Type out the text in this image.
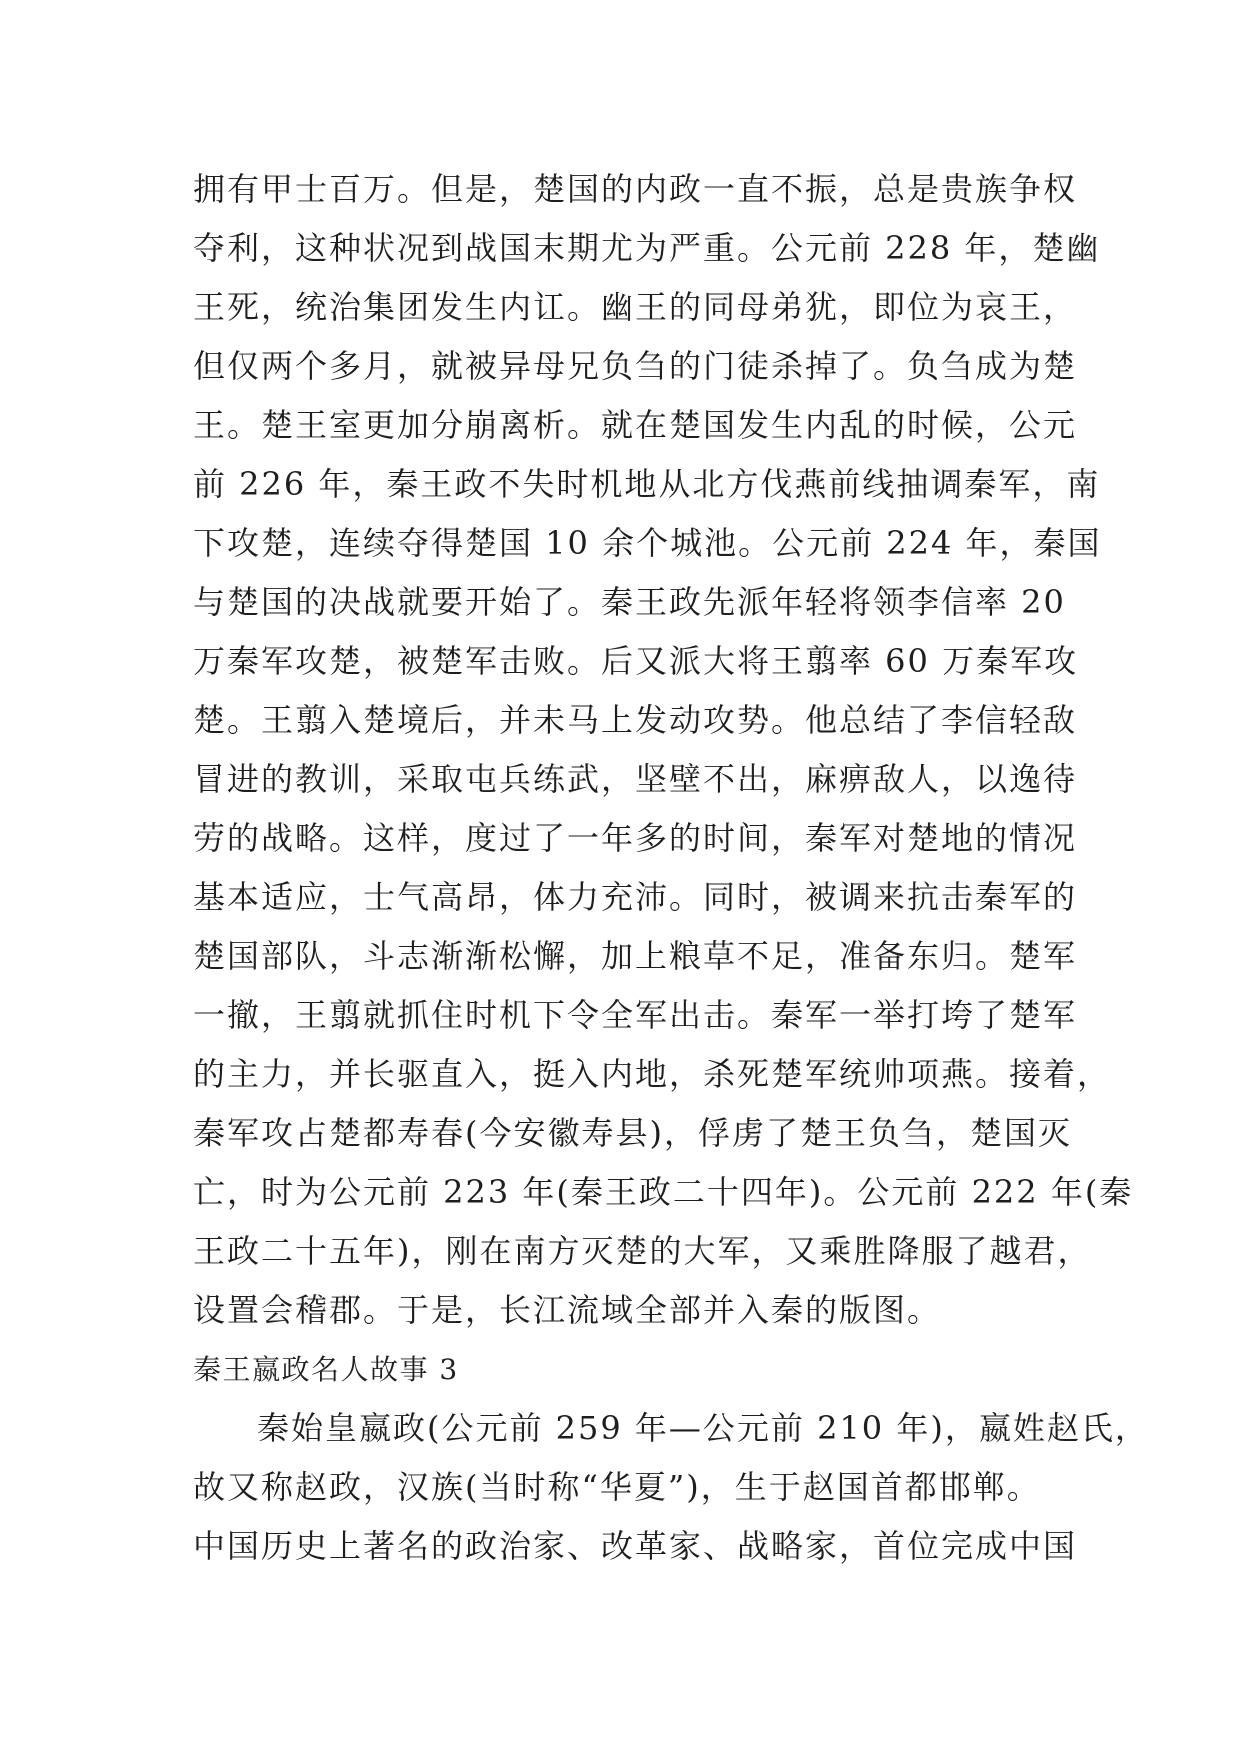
拥有甲士百万。但是，楚国的内政一直不振，总是贵族争权
夺利，这种状况到战国末期尤为严重。公元前 228 年，楚幽
王死，统治集团发生内讧。幽王的同母弟犹，即位为哀王，
但仅两个多月，就被异母兄负刍的门徒杀掉了。负刍成为楚
王。楚王室更加分崩离析。就在楚国发生内乱的时候，公元
前 226 年，秦王政不失时机地从北方伐燕前线抽调秦军，南
下攻楚，连续夺得楚国 10 余个城池。公元前 224 年，秦国
与楚国的决战就要开始了。秦王政先派年轻将领李信率 20
万秦军攻楚，被楚军击败。后又派大将王翦率 60 万秦军攻
楚。王翦入楚境后，并未马上发动攻势。他总结了李信轻敌
冒进的教训，采取屯兵练武，坚壁不出，麻痹敌人，以逸待
劳的战略。这样，度过了一年多的时间，秦军对楚地的情况
基本适应，士气高昂，体力充沛。同时，被调来抗击秦军的
楚国部队，斗志渐渐松懈，加上粮草不足，准备东归。楚军
一撤，王翦就抓住时机下令全军出击。秦军一举打垮了楚军
的主力，并长驱直入，挺入内地，杀死楚军统帅项燕。接着，
秦军攻占楚都寿春(今安徽寿县)，俘虏了楚王负刍，楚国灭
亡，时为公元前 223 年(秦王政二十四年)。公元前 222 年(秦
王政二十五年)，刚在南方灭楚的大军，又乘胜降服了越君，
设置会稽郡。于是，长江流域全部并入秦的版图。
秦王嬴政名人故事 3
秦始皇嬴政(公元前 259 年—公元前 210 年)，嬴姓赵氏，
故又称赵政，汉族(当时称“华夏”)，生于赵国首都邯郸。
中国历史上著名的政治家、改革家、战略家，首位完成中国
